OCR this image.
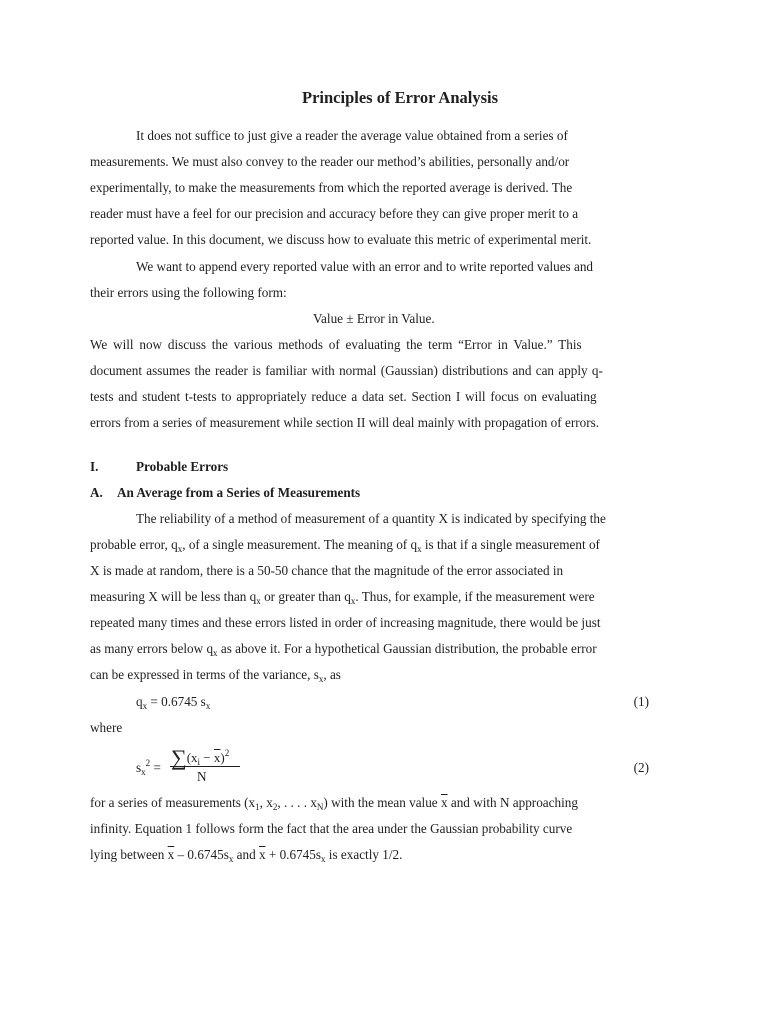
Principles of Error Analysis
It does not suffice to just give a reader the average value obtained from a series of
measurements. We must also convey to the reader our method’s abilities, personally and/or
experimentally, to make the measurements from which the reported average is derived. The
reader must have a feel for our precision and accuracy before they can give proper merit to a
reported value. In this document, we discuss how to evaluate this metric of experimental merit.
We want to append every reported value with an error and to write reported values and
their errors using the following form:
Value ± Error in Value.
We will now discuss the various methods of evaluating the term “Error in Value.” This
document assumes the reader is familiar with normal (Gaussian) distributions and can apply q-
tests and student t-tests to appropriately reduce a data set. Section I will focus on evaluating
errors from a series of measurement while section II will deal mainly with propagation of errors.
I.	Probable Errors
A. An Average from a Series of Measurements
The reliability of a method of measurement of a quantity X is indicated by specifying the
probable error, $q_x$, of a single measurement. The meaning of $q_x$ is that if a single measurement of
X is made at random, there is a 50-50 chance that the magnitude of the error associated in
measuring X will be less than $q_x$ or greater than $q_x$. Thus, for example, if the measurement were
repeated many times and these errors listed in order of increasing magnitude, there would be just
as many errors below $q_x$ as above it. For a hypothetical Gaussian distribution, the probable error
can be expressed in terms of the variance, $s_x$, as
$q_x = 0.6745$ $s_x$	(1)
where
$s_x^2 = \sum(x_i - \overline{x})^2$
N
(2)
for a series of measurements ($x_1$, $x_2$, . . . . $x_N$) with the mean value $\overline{x}$ and with N approaching
infinity. Equation 1 follows form the fact that the area under the Gaussian probability curve
lying between $\overline{x} - 0.6745s_x$ and $\overline{x} + 0.6745s_x$ is exactly 1/2.
